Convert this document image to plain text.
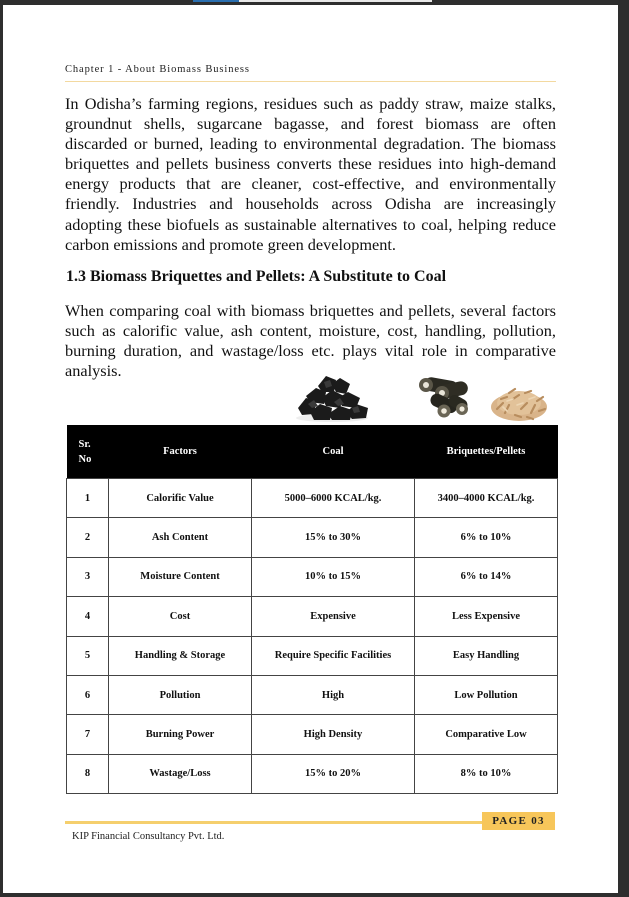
Chapter 1 - About Biomass Business

In Odisha’s farming regions, residues such as paddy straw, maize stalks, groundnut shells, sugarcane bagasse, and forest biomass are often discarded or burned, leading to environmental degradation. The biomass briquettes and pellets business converts these residues into high-demand energy products that are cleaner, cost-effective, and environmentally friendly. Industries and households across Odisha are increasingly adopting these biofuels as sustainable alternatives to coal, helping reduce carbon emissions and promote green development.

1.3 Biomass Briquettes and Pellets: A Substitute to Coal

When comparing coal with biomass briquettes and pellets, several factors such as calorific value, ash content, moisture, cost, handling, pollution, burning duration, and wastage/loss etc. plays vital role in comparative analysis.

Sr.
No	Factors	Coal	Briquettes/Pellets
1	Calorific Value	5000–6000 KCAL/kg.	3400–4000 KCAL/kg.
2	Ash Content	15% to 30%	6% to 10%
3	Moisture Content	10% to 15%	6% to 14%
4	Cost	Expensive	Less Expensive
5	Handling & Storage	Require Specific Facilities	Easy Handling
6	Pollution	High	Low Pollution
7	Burning Power	High Density	Comparative Low
8	Wastage/Loss	15% to 20%	8% to 10%
PAGE 03
KIP Financial Consultancy Pvt. Ltd.
